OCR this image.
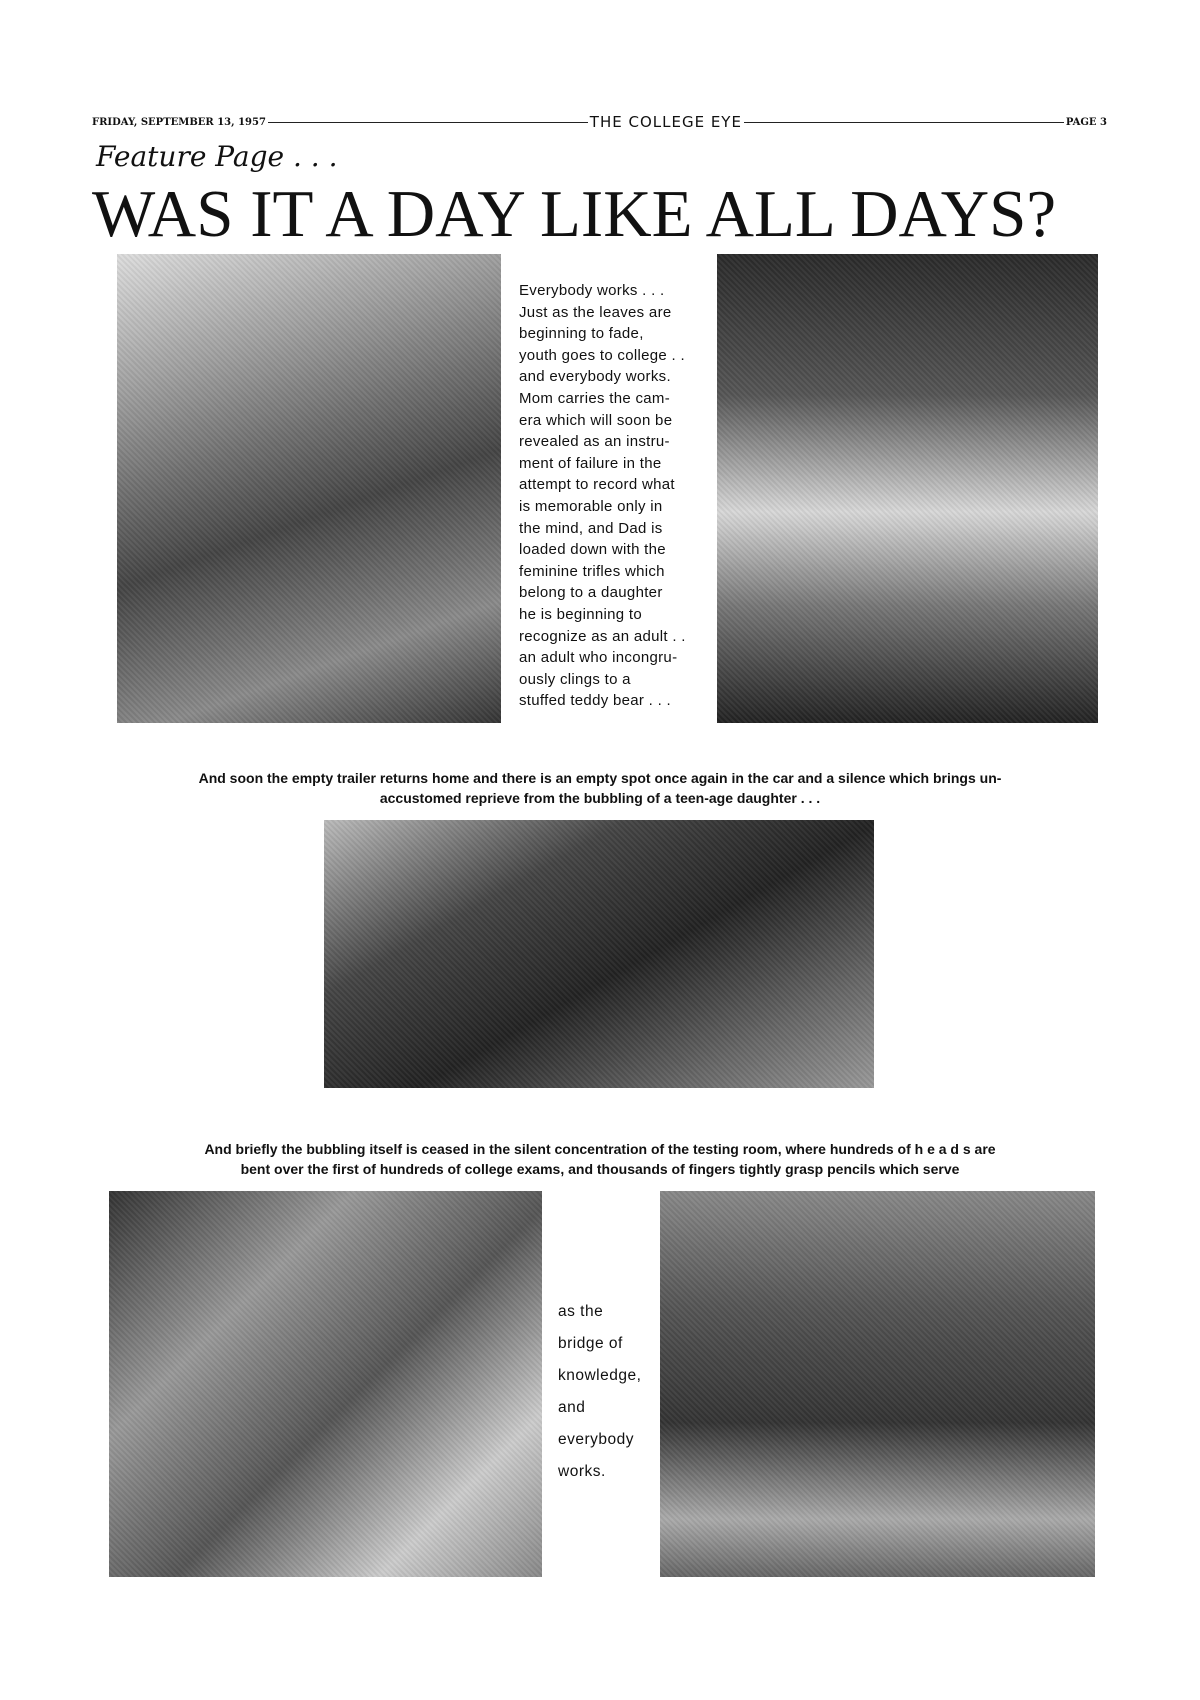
FRIDAY, SEPTEMBER 13, 1957	THE COLLEGE EYE	PAGE 3
Feature Page . . .
WAS IT A DAY LIKE ALL DAYS?
Everybody works . . .
Just as the leaves are
beginning to fade,
youth goes to college . .
and everybody works.
Mom carries the cam-
era which will soon be
revealed as an instru-
ment of failure in the
attempt to record what
is memorable only in
the mind, and Dad is
loaded down with the
feminine trifles which
belong to a daughter
he is beginning to
recognize as an adult . .
an adult who incongru-
ously clings to a
stuffed teddy bear . . .
And soon the empty trailer returns home and there is an empty spot once again in the car and a silence which brings un-
accustomed reprieve from the bubbling of a teen-age daughter . . .
And briefly the bubbling itself is ceased in the silent concentration of the testing room, where hundreds of h e a d s are
bent over the first of hundreds of college exams, and thousands of fingers tightly grasp pencils which serve
as the
bridge of
knowledge,
and
everybody
works.
